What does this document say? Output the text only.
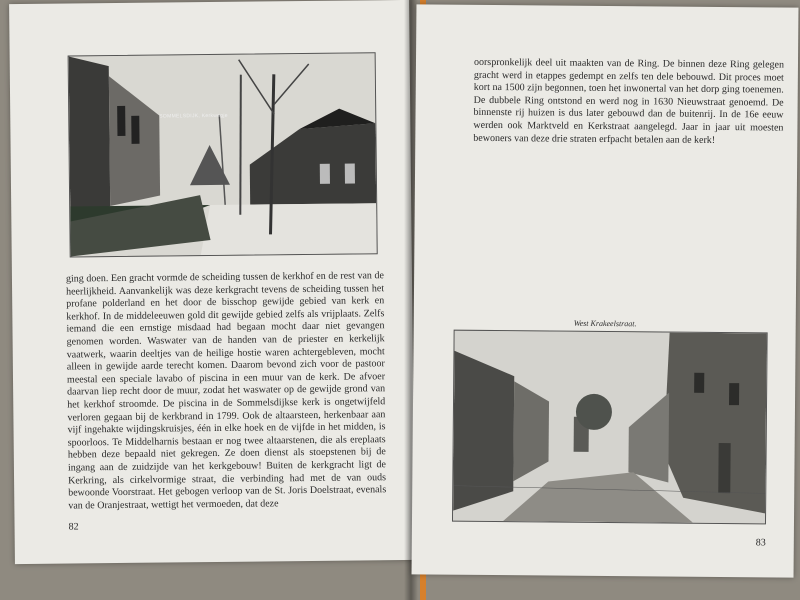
SOMMELSDIJK, Kerkwegje

ging doen. Een gracht vormde de scheiding tussen de kerkhof en de rest van de heerlijkheid. Aanvankelijk was deze kerkgracht tevens de scheiding tussen het profane polderland en het door de bisschop gewijde gebied van kerk en kerkhof. In de middeleeuwen gold dit gewijde gebied zelfs als vrijplaats. Zelfs iemand die een ernstige misdaad had begaan mocht daar niet gevangen genomen worden. Waswater van de handen van de priester en kerkelijk vaatwerk, waarin deeltjes van de heilige hostie waren achtergebleven, mocht alleen in gewijde aarde terecht komen. Daarom bevond zich voor de pastoor meestal een speciale lavabo of piscina in een muur van de kerk. De afvoer daarvan liep recht door de muur, zodat het waswater op de gewijde grond van het kerkhof stroomde. De piscina in de Sommelsdijkse kerk is ongetwijfeld verloren gegaan bij de kerkbrand in 1799. Ook de altaarsteen, herkenbaar aan vijf ingehakte wijdingskruisjes, één in elke hoek en de vijfde in het midden, is spoorloos. Te Middelharnis bestaan er nog twee altaarstenen, die als ereplaats hebben deze bepaald niet gekregen. Ze doen dienst als stoepstenen bij de ingang aan de zuidzijde van het kerkgebouw! Buiten de kerkgracht ligt de Kerkring, als cirkelvormige straat, die verbinding had met de van ouds bewoonde Voorstraat. Het gebogen verloop van de St. Joris Doelstraat, evenals van de Oranjestraat, wettigt het vermoeden, dat deze

82

oorspronkelijk deel uit maakten van de Ring. De binnen deze Ring gelegen gracht werd in etappes gedempt en zelfs ten dele bebouwd. Dit proces moet kort na 1500 zijn begonnen, toen het inwonertal van het dorp ging toenemen. De dubbele Ring ontstond en werd nog in 1630 Nieuwstraat genoemd. De binnenste rij huizen is dus later gebouwd dan de buitenrij. In de 16e eeuw werden ook Marktveld en Kerkstraat aangelegd. Jaar in jaar uit moesten bewoners van deze drie straten erfpacht betalen aan de kerk!

West Krakeelstraat.
83
